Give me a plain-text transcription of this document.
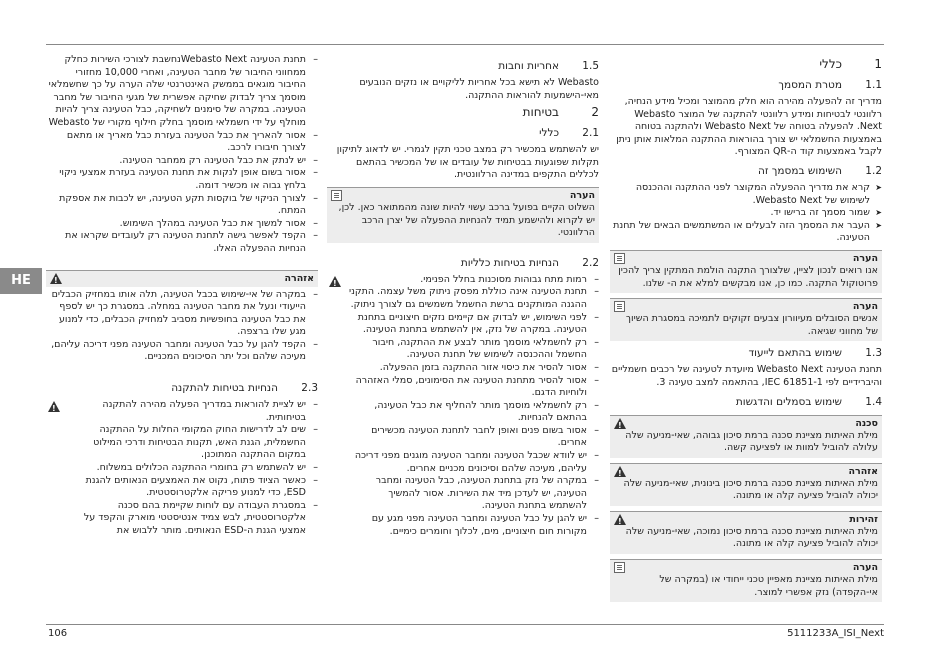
HE
1
כללי
1.1
מטרת המסמך
מדריך זה להפעלה מהירה הוא חלק מהמוצר ומכיל מידע הנחיה, רלוונטי לבטיחות ומידע רלוונטי להתקנה של המוצר Webasto Next. להפעלה בטוחה של Webasto Next ולהתקנה בטוחה באמצעות החשמלאי יש צורך בהוראות ההתקנה המלאות אותן ניתן לקבל באמצעות קוד ה-QR המצורף.
1.2
השימוש במסמך זה
➤ קרא את מדריך ההפעלה המקוצר לפני ההתקנה וההכנסה לשימוש של Webasto Next.
➤ שמור מסמך זה ברישו יד.
➤ העבר את המסמך הזה לבעלים או המשתמשים הבאים של תחנת הטעינה.
הערה
אנו רואים לנכון לציין, שלצורך התקנה הולמת המתקין צריך להכין פרוטוקול התקנה. כמו כן, אנו מבקשים למלא את ה- שלנו.
הערה
אנשים הסובלים מעיוורון צבעים זקוקים לתמיכה במסגרת השיוך של מחווני שגיאה.
1.3
שימוש בהתאם לייעוד
תחנת הטעינה Webasto Next מיועדת לטעינה של רכבים חשמליים והיברידיים לפי IEC 61851-1, בהתאמה למצב טעינה 3.
1.4
שימוש בסמלים והדגשות
סכנה
!
מילת האיתות מציינת סכנה ברמת סיכון גבוהה, שאי-מניעה שלה עלולה להוביל למוות או לפציעה קשה.
אזהרה
!
מילת האיתות מציינת סכנה ברמת סיכון בינונית, שאי-מניעה שלה יכולה להוביל פציעה קלה או מתונה.
זהירות
!
מילת האיתות מציינת סכנה ברמת סיכון נמוכה, שאי-מניעה שלה יכולה להוביל פציעה קלה או מתונה.
הערה
מילת האיתות מציינת מאפיין טכני ייחודי או (במקרה של אי-הקפדה) נזק אפשרי למוצר.
1.5
אחריות וחבות
Webasto לא תישא בכל אחריות לליקויים או נזקים הנובעים מאי-הישמעות להוראות ההתקנה.
2
בטיחות
2.1
כללי
יש להשתמש במכשיר רק במצב טכני תקין לגמרי. יש לדאוג לתיקון תקלות שפוגעות בבטיחות של עובדים או של המכשיר בהתאם לכללים התקפים במדינה הרלוונטית.
הערה
השלוט הקיים בפועל ברכב עשוי להיות שונה מהמתואר כאן. לכן, יש לקרוא ולהישמע תמיד להנחיות ההפעלה של יצרן הרכב הרלוונטי.
2.2
הנחיות בטיחות כלליות
– רמות מתח גבוהות מסוכנות בחלל הפנימי.
– תחנת הטעינה אינה כוללת מפסק ניתוק משל עצמה. התקני ההגנה המותקנים ברשת החשמל משמשים גם לצורך ניתוק.
– לפני השימוש, יש לבדוק אם קיימים נזקים חיצוניים בתחנת הטעינה. במקרה של נזק, אין להשתמש בתחנת הטעינה.
– רק לחשמלאי מוסמך מותר לבצע את ההתקנה, חיבור החשמל וההכנסה לשימוש של תחנת הטעינה.
– אסור להסיר את כיסוי אזור ההתקנה בזמן ההפעלה.
– אסור להסיר מתחנת הטעינה את הסימונים, סמלי האזהרה ולוחיות הדגם.
– רק לחשמלאי מוסמך מותר להחליף את כבל הטעינה, בהתאם להנחיות.
– אסור בשום פנים ואופן לחבר לתחנת הטעינה מכשירים אחרים.
– יש לוודא שכבל הטעינה ומחבר הטעינה מוגנים מפני דריכה עליהם, מעיכה שלהם וסיכונים מכניים אחרים.
– במקרה של נזק בתחנת הטעינה, כבל הטעינה ומחבר הטעינה, יש לעדכן מיד את השירות. אסור להמשיך להשתמש בתחנת הטעינה.
– יש להגן על כבל הטעינה ומחבר הטעינה מפני מגע עם מקורות חום חיצוניים, מים, לכלוך וחומרים כימיים.
!
– תחנת הטעינה Webasto Nextנחשבת לצורכי השירות כחלק ממחווני החיבור של מחבר הטעינה, ואחרי 10,000 מחזורי החיבור מוגאים בממשק האינטרנטי שלה הערה על כך שחשמלאי מוסמך צריך לבדוק שחיקה אפשרית של מגעי החיבור של מחבר הטעינה. במקרה של סימנים לשחיקה, כבל הטעינה צריך להיות מוחלף על ידי חשמלאי מוסמך בחלק חילוף מקורי של Webasto
– אסור להאריך את כבל הטעינה בעזרת כבל מאריך או מתאם לצורך חיבורו לרכב.
– יש לנתק את כבל הטעינה רק ממחבר הטעינה.
– אסור בשום אופן לנקות את תחנת הטעינה בעזרת אמצעי ניקוי בלחץ גבוה או מכשיר דומה.
– לצורך הניקוי של בוקסות תקע הטעינה, יש לכבות את אספקת המתח.
– אסור למשוך את כבל הטעינה במהלך השימוש.
– הקפד לאפשר גישה לתחנת הטעינה רק לעובדים שקראו את הנחיות ההפעלה האלו.
אזהרה
!
– במקרה של אי-שימוש בכבל הטעינה, תלה אותו במחזיק הכבלים הייעודי ונעל את מחבר הטעינה במחלה. במסגרת כך יש לספף את כבל הטעינה בחופשיות מסביב למחזיק הכבלים, כדי למנוע מגע שלו ברצפה.
– הקפד להגן על כבל הטעינה ומחבר הטעינה מפני דריכה עליהם, מעיכה שלהם וכל יתר הסיכונים המכניים.
2.3
הנחיות בטיחות להתקנה
– יש לציית להוראות במדריך הפעלה מהירה להתקנה בטיחותית.
– שים לב לדרישות החוק המקומי החלות על ההתקנה החשמלית, הגנת האש, תקנות הבטיחות ודרכי המילוט במקום ההתקנה המתוכנן.
– יש להשתמש רק בחומרי ההתקנה הכלולים במשלוח.
– כאשר הציוד פתוח, נקוט את האמצעים הנאותים להגנת ESD, כדי למנוע פריקה אלקטרוסטטית.
– במסגרת העבודה עם לוחות שקיימת בהם סכנה אלקטרוסטטית, לבש צמיד אנטיסטטי מוארק והקפד על אמצעי הגנת ה-ESD הנאותים. מותר ללבוש את
!
106	5111233A_ISI_Next
